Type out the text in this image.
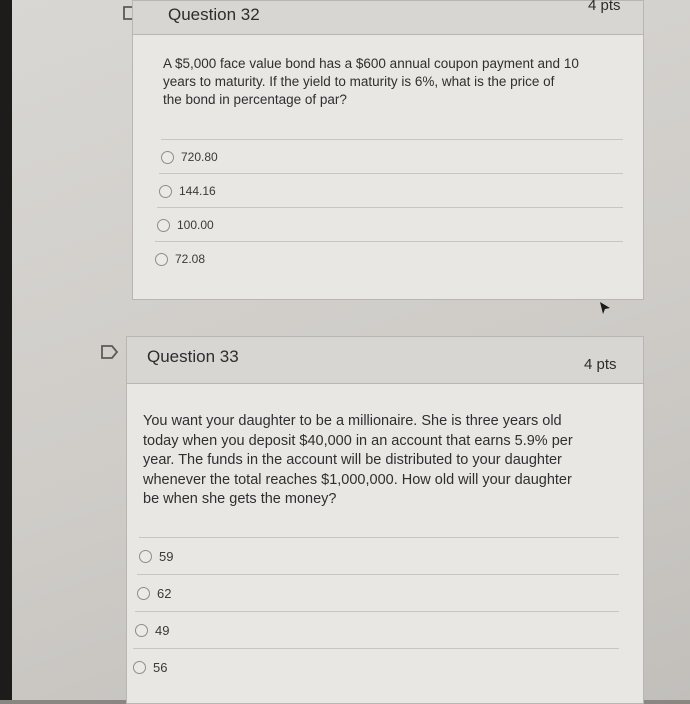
Question 32	4 pts
A $5,000 face value bond has a $600 annual coupon payment and 10
years to maturity. If the yield to maturity is 6%, what is the price of
the bond in percentage of par?
720.80
144.16
100.00
72.08
Question 33	4 pts
You want your daughter to be a millionaire. She is three years old
today when you deposit $40,000 in an account that earns 5.9% per
year. The funds in the account will be distributed to your daughter
whenever the total reaches $1,000,000. How old will your daughter
be when she gets the money?
59
62
49
56
